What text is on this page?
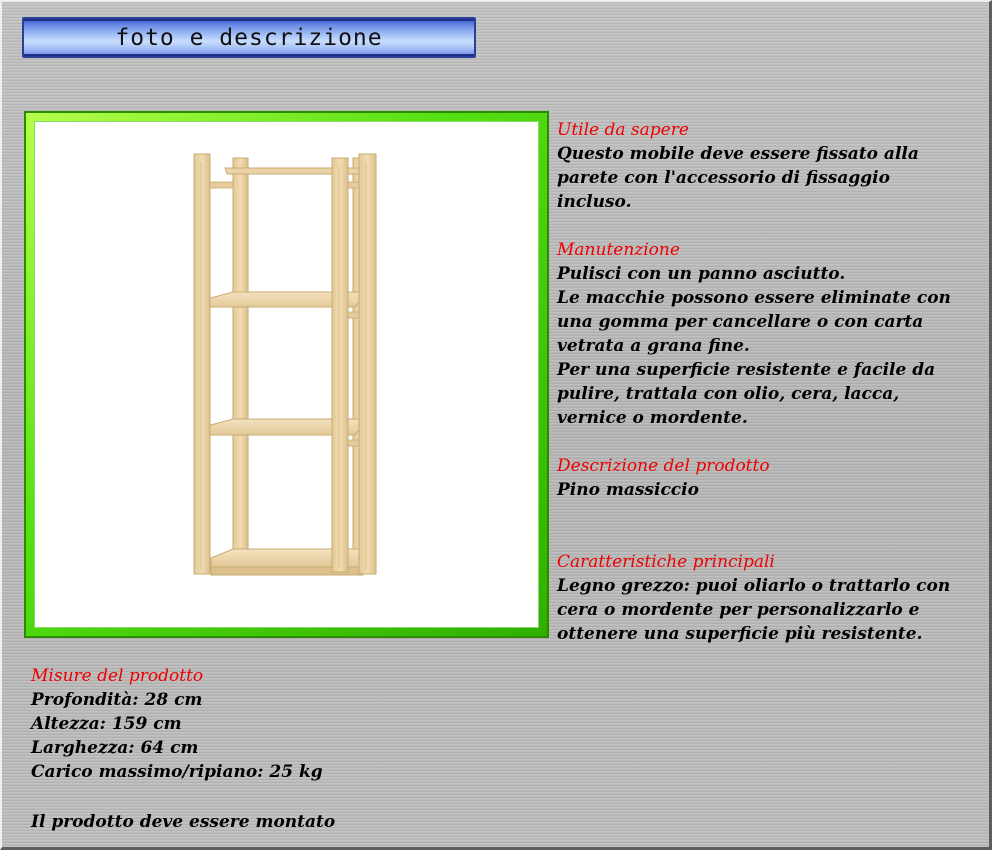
foto e descrizione

Utile da sapere

Questo mobile deve essere fissato alla
parete con l'accessorio di fissaggio
incluso.

Manutenzione

Pulisci con un panno asciutto.
Le macchie possono essere eliminate con
una gomma per cancellare o con carta
vetrata a grana fine.
Per una superficie resistente e facile da
pulire, trattala con olio, cera, lacca,
vernice o mordente.

Descrizione del prodotto

Pino massiccio

Caratteristiche principali

Legno grezzo: puoi oliarlo o trattarlo con
cera o mordente per personalizzarlo e
ottenere una superficie più resistente.

Misure del prodotto

Profondità: 28 cm

Altezza: 159 cm

Larghezza: 64 cm

Carico massimo/ripiano: 25 kg

Il prodotto deve essere montato
